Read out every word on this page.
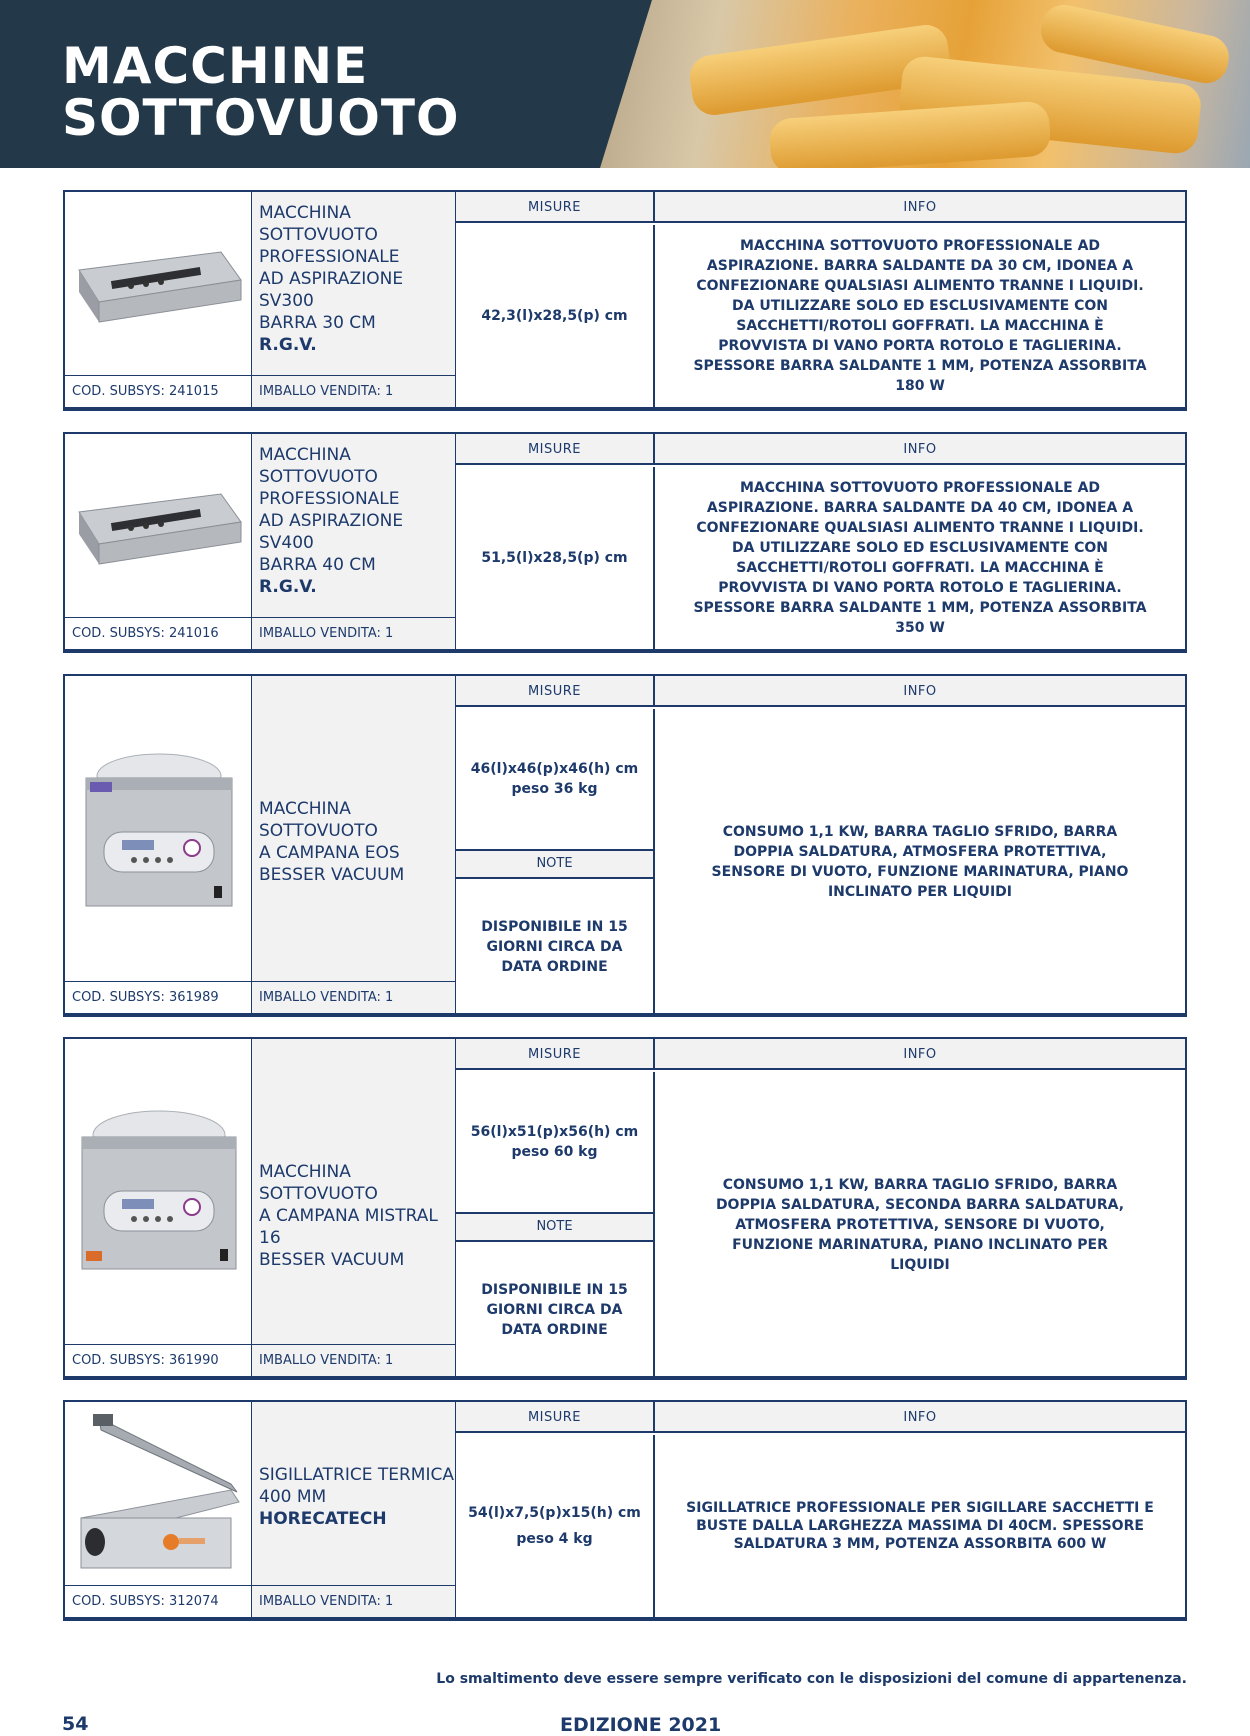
MACCHINE
SOTTOVUOTO
MACCHINA SOTTOVUOTO
PROFESSIONALE
AD ASPIRAZIONE
SV300
BARRA 30 CM
R.G.V.
COD. SUBSYS: 241015	IMBALLO VENDITA: 1
MISURE	INFO
42,3(l)x28,5(p) cm
MACCHINA SOTTOVUOTO PROFESSIONALE AD ASPIRAZIONE. BARRA SALDANTE DA 30 CM, IDONEA A CONFEZIONARE QUALSIASI ALIMENTO TRANNE I LIQUIDI. DA UTILIZZARE SOLO ED ESCLUSIVAMENTE CON SACCHETTI/ROTOLI GOFFRATI. LA MACCHINA È PROVVISTA DI VANO PORTA ROTOLO E TAGLIERINA. SPESSORE BARRA SALDANTE 1 MM, POTENZA ASSORBITA 180 W
MACCHINA SOTTOVUOTO
PROFESSIONALE
AD ASPIRAZIONE
SV400
BARRA 40 CM
R.G.V.
COD. SUBSYS: 241016	IMBALLO VENDITA: 1
MISURE	INFO
51,5(l)x28,5(p) cm
MACCHINA SOTTOVUOTO PROFESSIONALE AD ASPIRAZIONE. BARRA SALDANTE DA 40 CM, IDONEA A CONFEZIONARE QUALSIASI ALIMENTO TRANNE I LIQUIDI. DA UTILIZZARE SOLO ED ESCLUSIVAMENTE CON SACCHETTI/ROTOLI GOFFRATI. LA MACCHINA È PROVVISTA DI VANO PORTA ROTOLO E TAGLIERINA. SPESSORE BARRA SALDANTE 1 MM, POTENZA ASSORBITA 350 W
MACCHINA SOTTOVUOTO
A CAMPANA EOS
BESSER VACUUM
COD. SUBSYS: 361989	IMBALLO VENDITA: 1
MISURE	INFO
46(l)x46(p)x46(h) cm
peso 36 kg
NOTE
DISPONIBILE IN 15 GIORNI CIRCA DA DATA ORDINE
CONSUMO 1,1 KW, BARRA TAGLIO SFRIDO, BARRA DOPPIA SALDATURA, ATMOSFERA PROTETTIVA, SENSORE DI VUOTO, FUNZIONE MARINATURA, PIANO INCLINATO PER LIQUIDI
MACCHINA SOTTOVUOTO
A CAMPANA MISTRAL 16
BESSER VACUUM
COD. SUBSYS: 361990	IMBALLO VENDITA: 1
MISURE	INFO
56(l)x51(p)x56(h) cm
peso 60 kg
NOTE
DISPONIBILE IN 15 GIORNI CIRCA DA DATA ORDINE
CONSUMO 1,1 KW, BARRA TAGLIO SFRIDO, BARRA DOPPIA SALDATURA, SECONDA BARRA SALDATURA, ATMOSFERA PROTETTIVA, SENSORE DI VUOTO, FUNZIONE MARINATURA, PIANO INCLINATO PER LIQUIDI
SIGILLATRICE TERMICA
400 MM
HORECATECH
COD. SUBSYS: 312074	IMBALLO VENDITA: 1
MISURE	INFO
54(l)x7,5(p)x15(h) cm
peso 4 kg
SIGILLATRICE PROFESSIONALE PER SIGILLARE SACCHETTI E BUSTE DALLA LARGHEZZA MASSIMA DI 40CM. SPESSORE SALDATURA 3 MM, POTENZA ASSORBITA 600 W
Lo smaltimento deve essere sempre verificato con le disposizioni del comune di appartenenza.
54	EDIZIONE 2021
